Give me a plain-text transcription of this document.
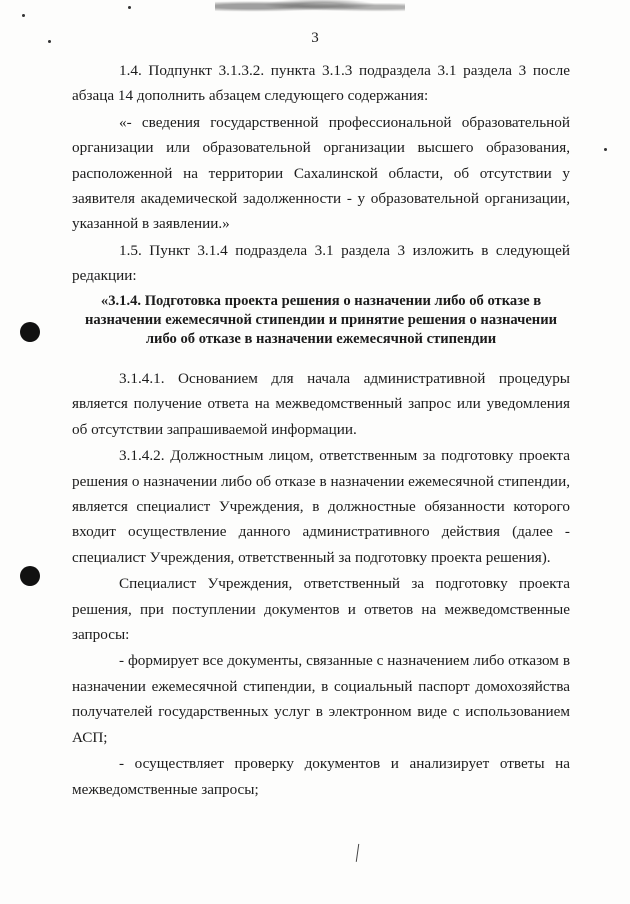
3

1.4. Подпункт 3.1.3.2. пункта 3.1.3 подраздела 3.1 раздела 3 после абзаца 14 дополнить абзацем следующего содержания:

«- сведения государственной профессиональной образовательной организации или образовательной организации высшего образования, расположенной на территории Сахалинской области, об отсутствии у заявителя академической задолженности - у образовательной организации, указанной в заявлении.»

1.5. Пункт 3.1.4 подраздела 3.1 раздела 3 изложить в следующей редакции:

«3.1.4. Подготовка проекта решения о назначении либо об отказе в назначении ежемесячной стипендии и принятие решения о назначении либо об отказе в назначении ежемесячной стипендии

3.1.4.1. Основанием для начала административной процедуры является получение ответа на межведомственный запрос или уведомления об отсутствии запрашиваемой информации.

3.1.4.2. Должностным лицом, ответственным за подготовку проекта решения о назначении либо об отказе в назначении ежемесячной стипендии, является специалист Учреждения, в должностные обязанности которого входит осуществление данного административного действия (далее - специалист Учреждения, ответственный за подготовку проекта решения).

Специалист Учреждения, ответственный за подготовку проекта решения, при поступлении документов и ответов на межведомственные запросы:

- формирует все документы, связанные с назначением либо отказом в назначении ежемесячной стипендии, в социальный паспорт домохозяйства получателей государственных услуг в электронном виде с использованием АСП;

- осуществляет проверку документов и анализирует ответы на межведомственные запросы;
